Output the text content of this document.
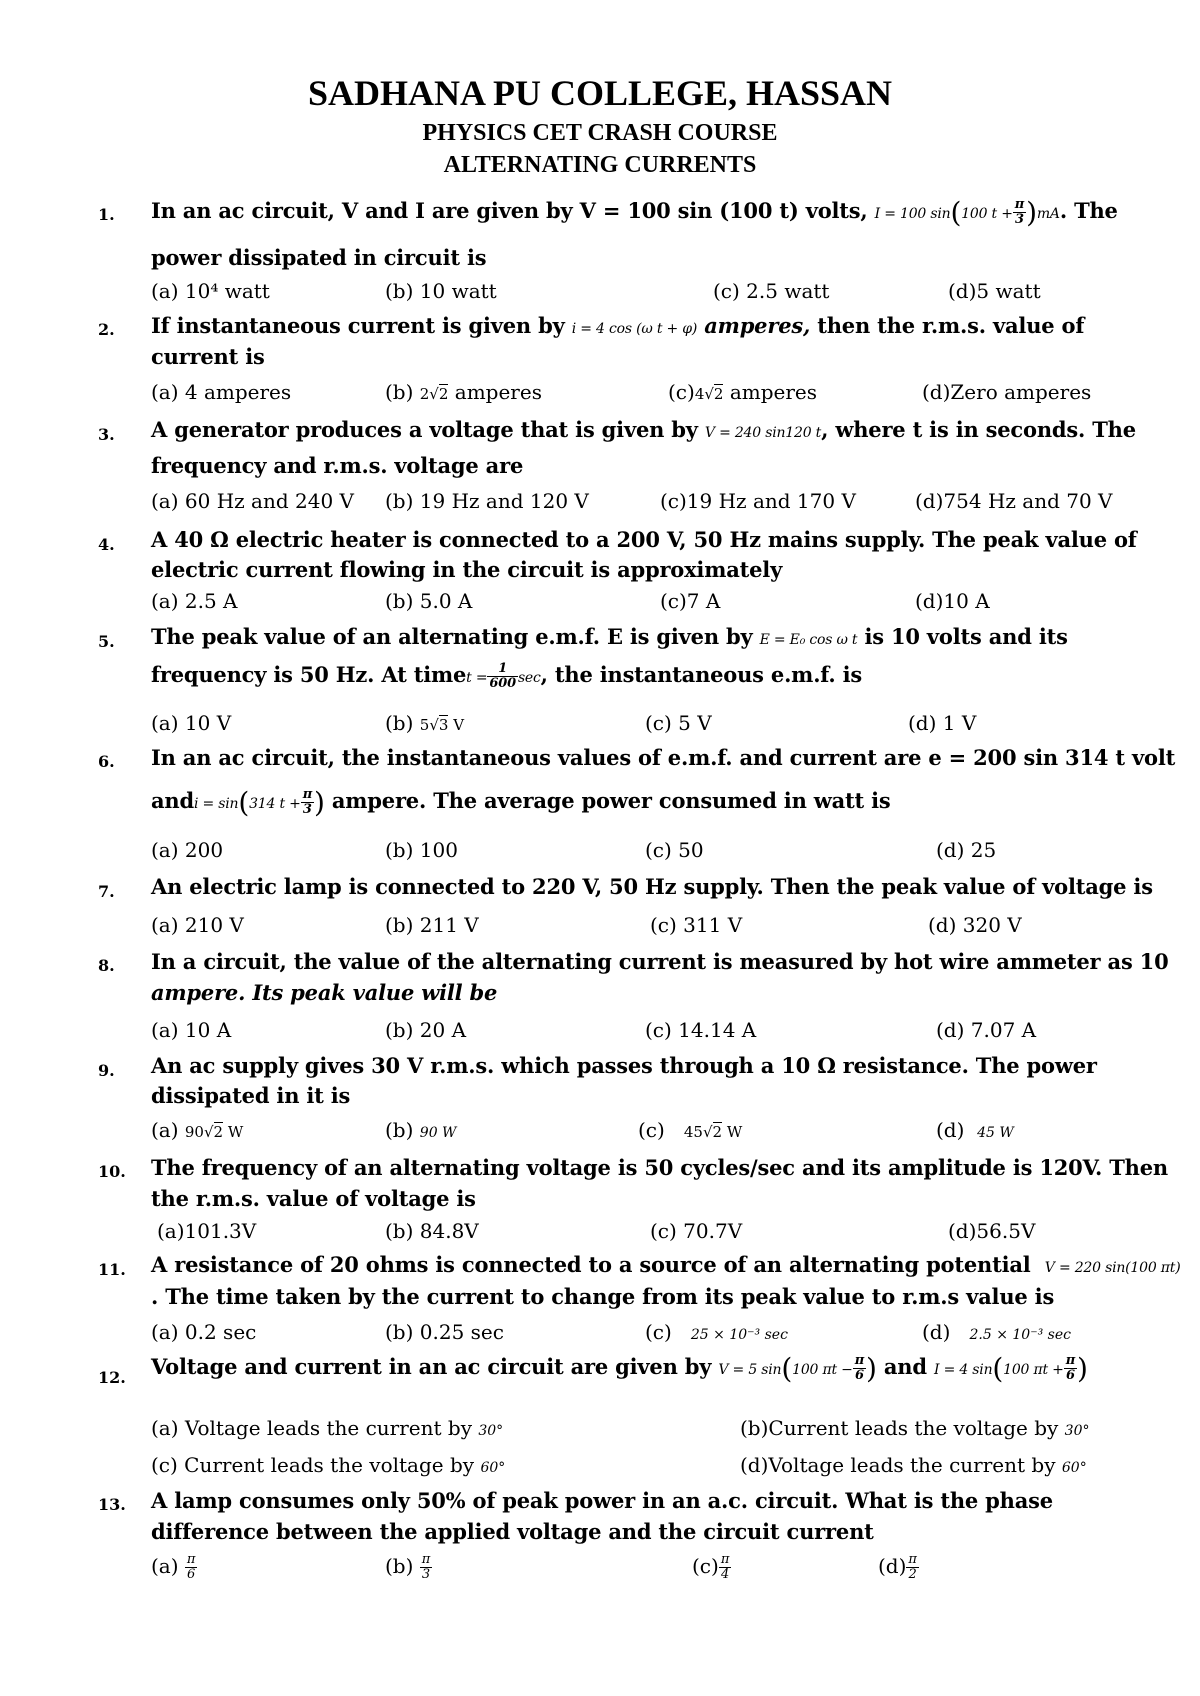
SADHANA PU COLLEGE, HASSAN
PHYSICS CET CRASH COURSE
ALTERNATING CURRENTS
1. In an ac circuit, V and I are given by V = 100 sin (100 t) volts, I = 100 sin(100 $t + \frac{\pi}{3} )mA$. The
power dissipated in circuit is
(a) 10⁴ watt	(b) 10 watt	(c) 2.5 watt	(d)5 watt
2. If instantaneous current is given by i = 4 cos (ω t + φ) amperes, then the r.m.s. value of
current is
(a) 4 amperes	(b) 2√2 amperes	(c)4√2 amperes	(d)Zero amperes
3. A generator produces a voltage that is given by V = 240 sin120 t, where t is in seconds. The
frequency and r.m.s. voltage are
(a) 60 Hz and 240 V (b) 19 Hz and 120 V	(c)19 Hz and 170 V	(d)754 Hz and 70 V
4. A 40 Ω electric heater is connected to a 200 V, 50 Hz mains supply. The peak value of
electric current flowing in the circuit is approximately
(a) 2.5 A	(b) 5.0 A	(c)7 A	(d)10 A
5. The peak value of an alternating e.m.f. E is given by E = E₀ cos ω t is 10 volts and its
frequency is 50 Hz. At timet = $\frac{1}{600} \sec$, the instantaneous e.m.f. is
(a) 10 V	(b) 5√3 V	(c) 5 V	(d) 1 V
6. In an ac circuit, the instantaneous values of e.m.f. and current are e = 200 sin 314 t volt
andi = sin(314 $t + \frac{\pi}{3}$ ) ampere. The average power consumed in watt is
(a) 200	(b) 100	(c) 50	(d) 25
7. An electric lamp is connected to 220 V, 50 Hz supply. Then the peak value of voltage is
(a) 210 V	(b) 211 V	(c) 311 V	(d) 320 V
8. In a circuit, the value of the alternating current is measured by hot wire ammeter as 10
ampere. Its peak value will be
(a) 10 A	(b) 20 A	(c) 14.14 A	(d) 7.07 A
9. An ac supply gives 30 V r.m.s. which passes through a 10 Ω resistance. The power
dissipated in it is
(a) 90√2 W	(b) 90 W	(c) 45√2 W	(d) 45 W
10. The frequency of an alternating voltage is 50 cycles/sec and its amplitude is 120V. Then
the r.m.s. value of voltage is
(a)101.3V	(b) 84.8V	(c) 70.7V	(d)56.5V
11. A resistance of 20 ohms is connected to a source of an alternating potential V = 220 sin(100 πt)
. The time taken by the current to change from its peak value to r.m.s value is
(a) 0.2 sec	(b) 0.25 sec	(c) 25 × 10⁻³ sec	(d) 2.5 × 10⁻³ sec
12. Voltage and current in an ac circuit are given by V = 5 sin(100 $\pi t - \frac{\pi}{6}$ ) and I = 4 sin(100 $\pi t + \frac{\pi}{6}$ )
(a) Voltage leads the current by 30°	(b)Current leads the voltage by 30°
(c) Current leads the voltage by 60°	(d)Voltage leads the current by 60°
13. A lamp consumes only 50% of peak power in an a.c. circuit. What is the phase
difference between the applied voltage and the circuit current
$(a) \frac{\pi}{6}$	$(b) \frac{\pi}{3}$	$(c) \frac{\pi}{4}$	$(d) \frac{\pi}{2}$
